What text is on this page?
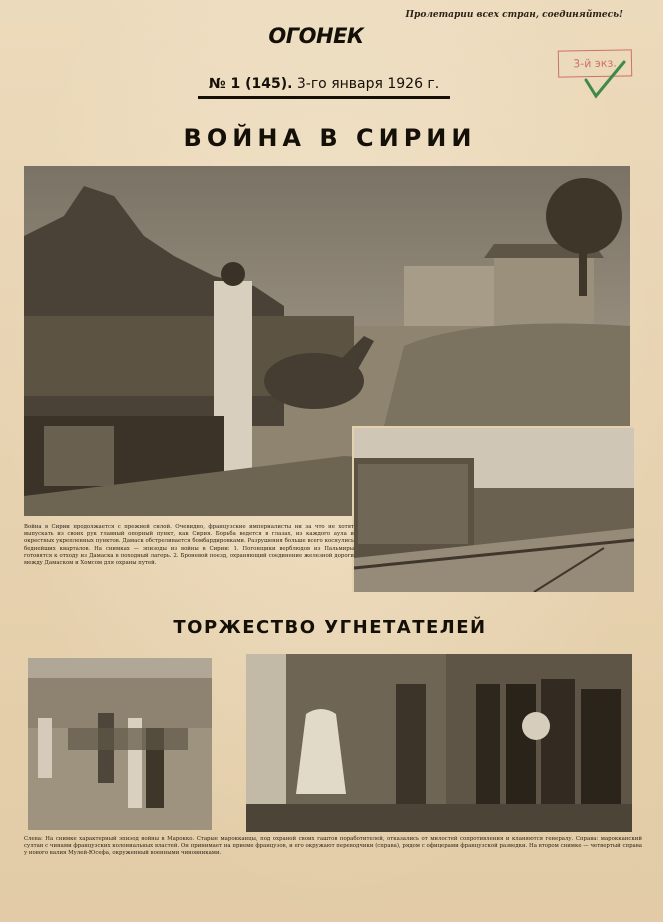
Пролетарии всех стран, соединяйтесь!
ОГОНЕК
3-й экз.
№ 1 (145). 3-го января 1926 г.
ВОЙНА В СИРИИ

Война в Сирии продолжается с прежней силой. Очевидно, французские империалисты ни за что не хотят выпускать из своих рук главный опорный пункт, как Сирия. Борьба ведется в глазах, из каждого аула и окрестных укрепленных пунктов. Дамаск обстреливается бомбардировками. Разрушения больше всего коснулись беднейших кварталов. На снимках — эпизоды из войны в Сирии: 1. Погонщики верблюдов из Пальмиры готовятся к отходу из Дамаска в походный лагерь. 2. Броневой поезд, охраняющий соединение железной дороги между Дамаском и Хомсом для охраны путей.

ТОРЖЕСТВО УГНЕТАТЕЛЕЙ

Слева: На снимке характерный эпизод войны в Марокко. Старые марокканцы, под охраной своих гаштов поработителей, отказались от милостей сопротивления и кланяются генералу. Справа: марокканский султан с чинами французских колониальных властей. Он принимает на приеме французов, и его окружают переводчики (справа), рядом с офицерами французской разведки. На втором снимке — четвертый справа у нового валия Мулей-Юсефа, окруженный военными чиновниками.
